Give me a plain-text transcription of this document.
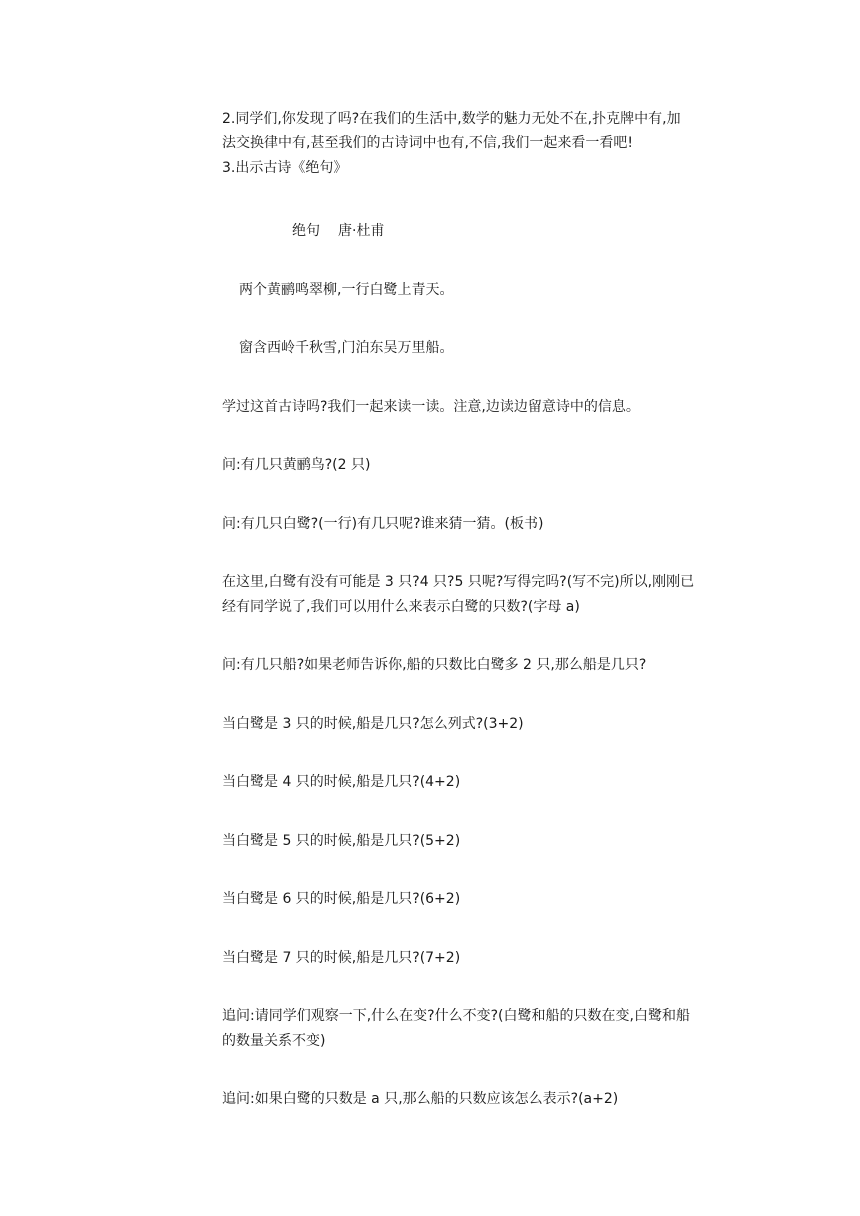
2.同学们,你发现了吗?在我们的生活中,数学的魅力无处不在,扑克牌中有,加
法交换律中有,甚至我们的古诗词中也有,不信,我们一起来看一看吧!
3.出示古诗《绝句》
绝句 唐·杜甫
两个黄鹂鸣翠柳,一行白鹭上青天。
窗含西岭千秋雪,门泊东吴万里船。
学过这首古诗吗?我们一起来读一读。注意,边读边留意诗中的信息。
问:有几只黄鹂鸟?(2 只)
问:有几只白鹭?(一行)有几只呢?谁来猜一猜。(板书)
在这里,白鹭有没有可能是 3 只?4 只?5 只呢?写得完吗?(写不完)所以,刚刚已
经有同学说了,我们可以用什么来表示白鹭的只数?(字母 a)
问:有几只船?如果老师告诉你,船的只数比白鹭多 2 只,那么船是几只?
当白鹭是 3 只的时候,船是几只?怎么列式?(3+2)
当白鹭是 4 只的时候,船是几只?(4+2)
当白鹭是 5 只的时候,船是几只?(5+2)
当白鹭是 6 只的时候,船是几只?(6+2)
当白鹭是 7 只的时候,船是几只?(7+2)
追问:请同学们观察一下,什么在变?什么不变?(白鹭和船的只数在变,白鹭和船
的数量关系不变)
追问:如果白鹭的只数是 a 只,那么船的只数应该怎么表示?(a+2)
